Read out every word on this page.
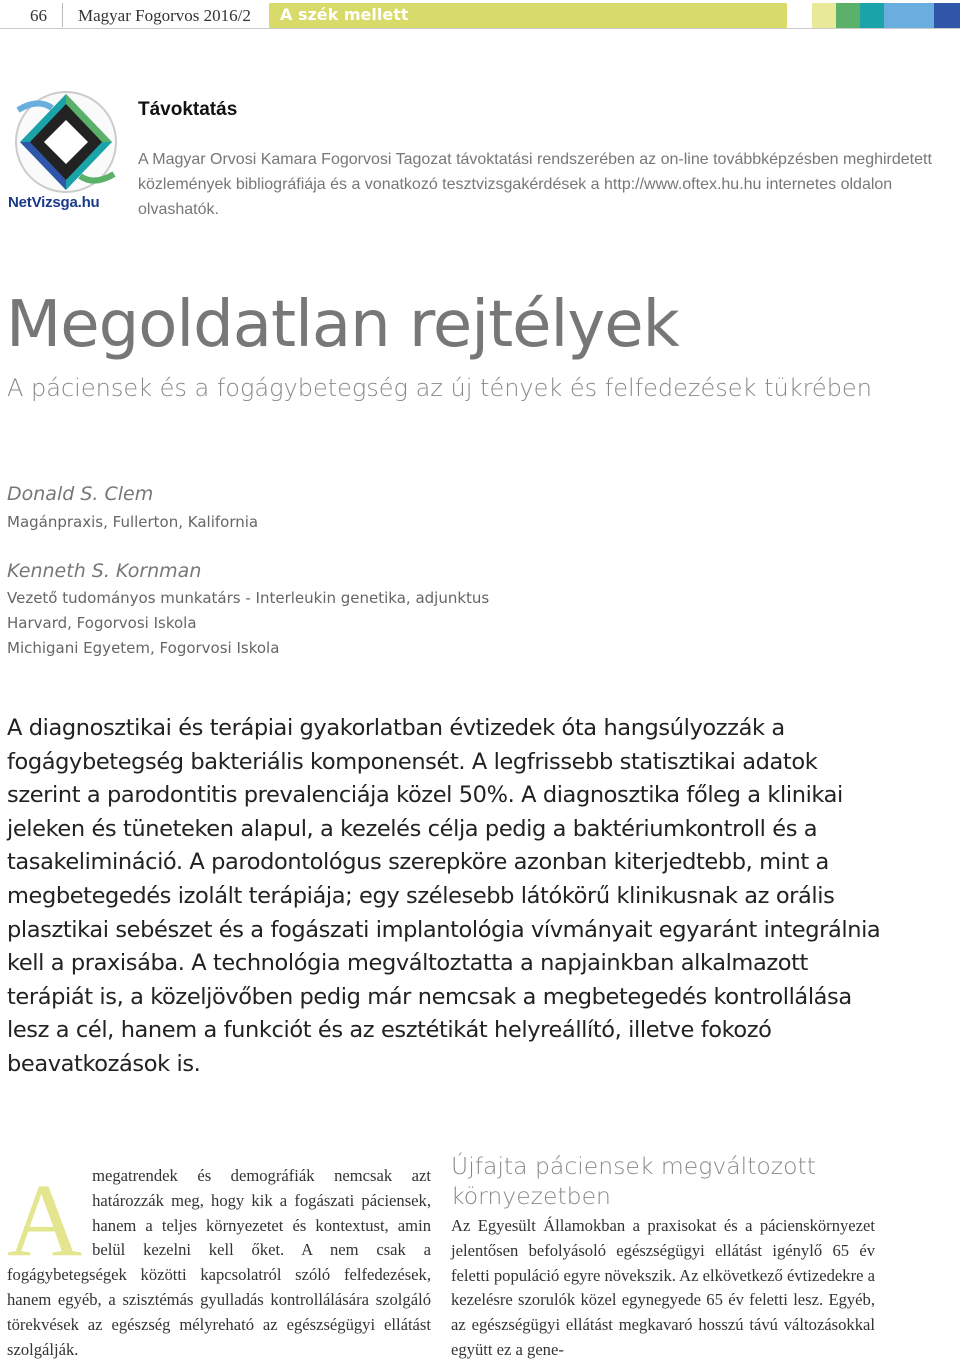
66 Magyar Fogorvos 2016/2 A szék mellett
NetVizsga.hu
Távoktatás
A Magyar Orvosi Kamara Fogorvosi Tagozat távoktatási rendszerében az on-line továbbképzésben meghirdetett közlemények bibliográfiája és a vonatkozó tesztvizsgakérdések a http://www.oftex.hu.hu internetes oldalon olvashatók.
Megoldatlan rejtélyek
A páciensek és a fogágybetegség az új tények és felfedezések tükrében
Donald S. Clem
Magánpraxis, Fullerton, Kalifornia
Kenneth S. Kornman
Vezető tudományos munkatárs - Interleukin genetika, adjunktus
Harvard, Fogorvosi Iskola
Michigani Egyetem, Fogorvosi Iskola

A diagnosztikai és terápiai gyakorlatban évtizedek óta hangsúlyozzák a fogágybetegség bakteriális komponensét. A legfrissebb statisztikai adatok szerint a parodontitis prevalenciája közel 50%. A diagnosztika főleg a klinikai jeleken és tüneteken alapul, a kezelés célja pedig a baktériumkontroll és a tasakelimináció. A parodontológus szerepköre azonban kiterjedtebb, mint a megbetegedés izolált terápiája; egy szélesebb látókörű klinikusnak az orális plasztikai sebészet és a fogászati implantológia vívmányait egyaránt integrálnia kell a praxisába. A technológia megváltoztatta a napjainkban alkalmazott terápiát is, a közeljövőben pedig már nemcsak a megbetegedés kontrollálása lesz a cél, hanem a funkciót és az esztétikát helyreállító, illetve fokozó beavatkozások is.

A megatrendek és demográfiák nemcsak azt határozzák meg, hogy kik a fogászati páciensek, hanem a teljes környezetet és kontextust, amin belül kezelni kell őket. A nem csak a fogágybetegségek közötti kapcsolatról szóló felfedezések, hanem egyéb, a szisztémás gyulladás kontrollálására szolgáló törekvések az egészség mélyreható az egészségügyi ellátást szolgálják.
Újfajta páciensek megváltozott környezetben
Az Egyesült Államokban a praxisokat és a pácienskörnyezet jelentősen befolyásoló egészségügyi ellátást igénylő 65 év feletti populáció egyre növekszik. Az elkövetkező évtizedekre a kezelésre szorulók közel egynegyede 65 év feletti lesz. Egyéb, az egészségügyi ellátást megkavaró hosszú távú változásokkal együtt ez a gene-
